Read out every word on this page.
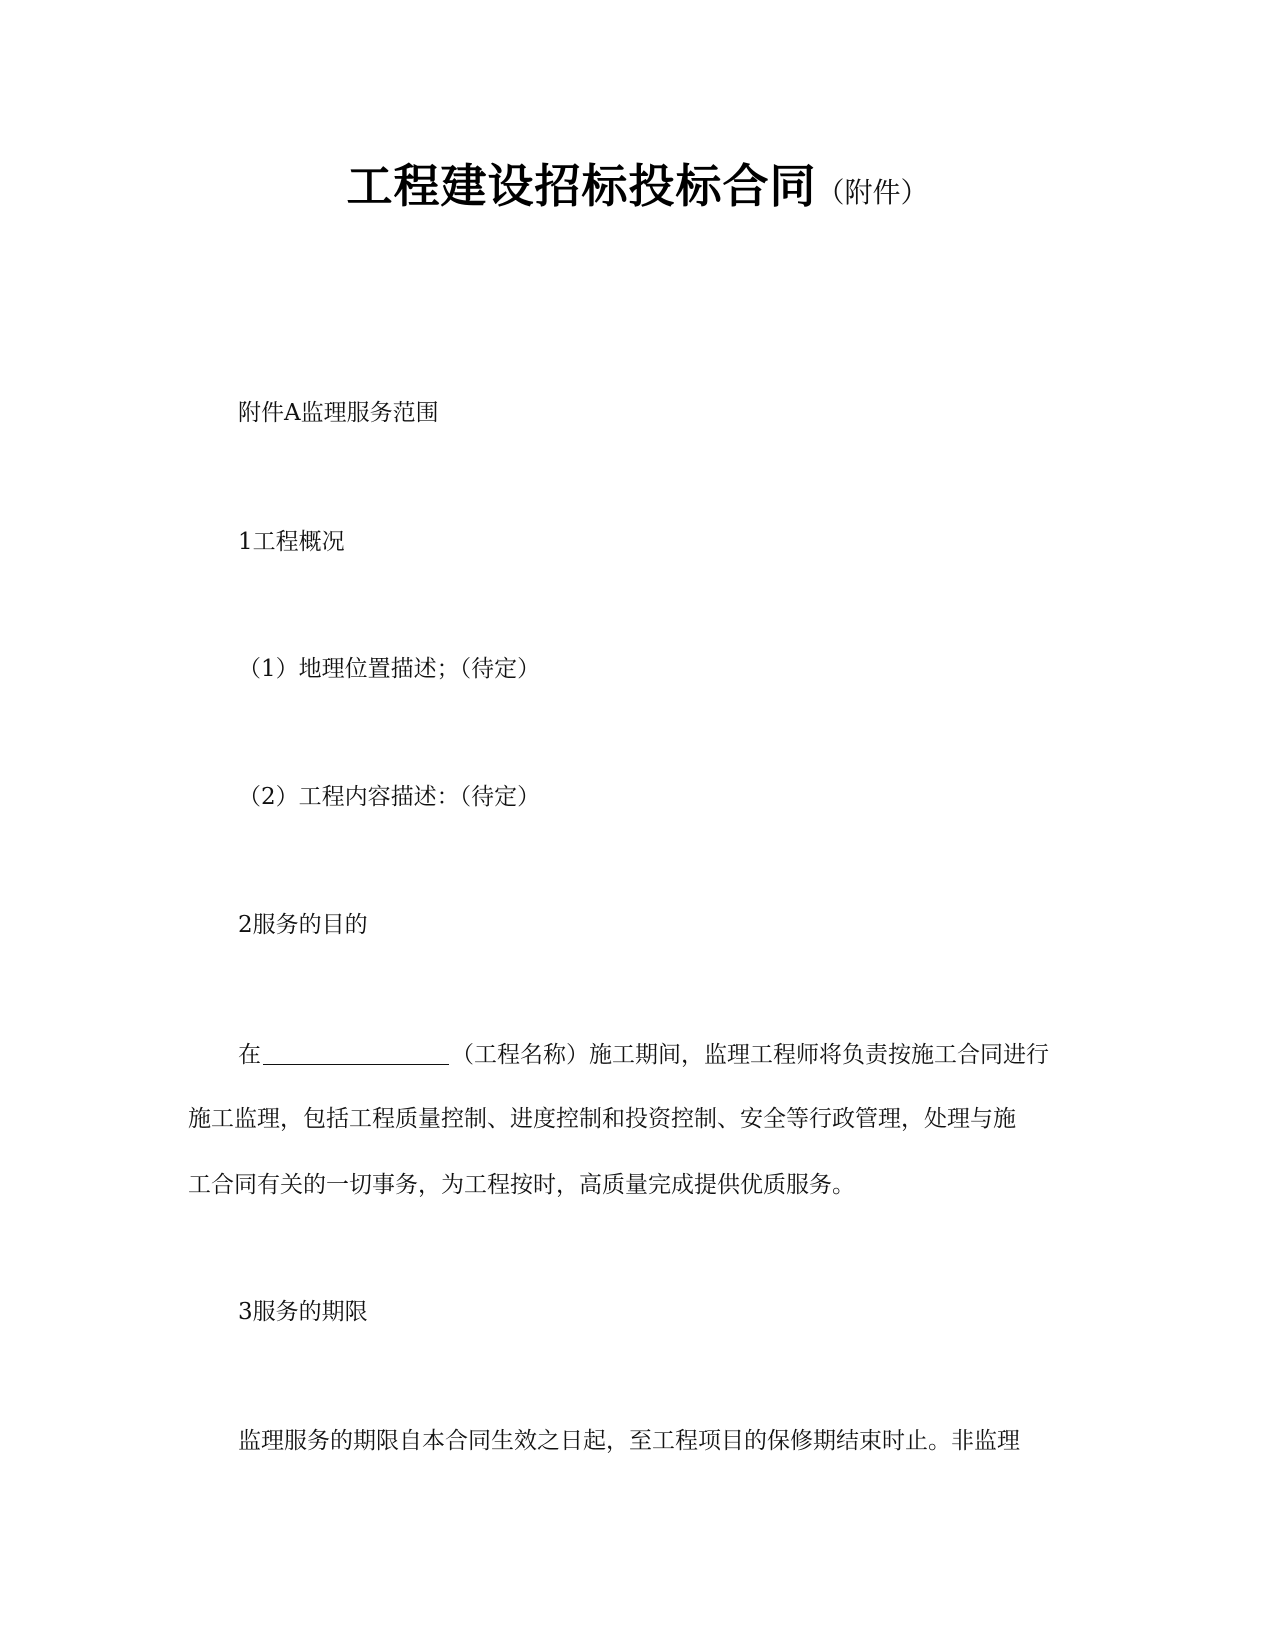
工程建设招标投标合同（附件）
附件A监理服务范围
1工程概况
（1）地理位置描述；（待定）
（2）工程内容描述：（待定）
2服务的目的
在	（工程名称）施工期间，监理工程师将负责按施工合同进行
施工监理，包括工程质量控制、进度控制和投资控制、安全等行政管理，处理与施
工合同有关的一切事务，为工程按时，高质量完成提供优质服务。
3服务的期限
监理服务的期限自本合同生效之日起，至工程项目的保修期结束时止。非监理
